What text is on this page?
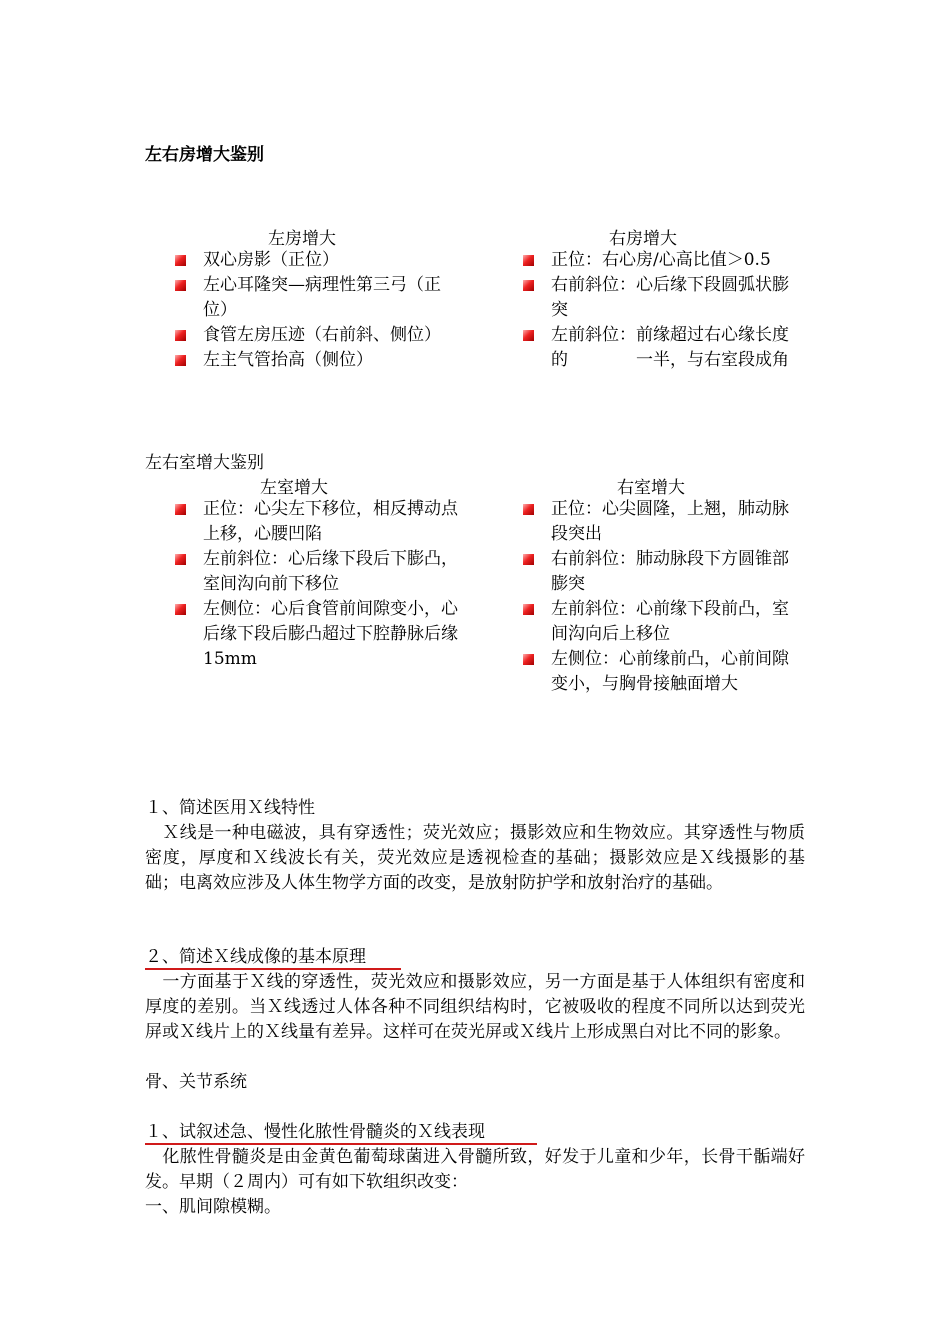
左右房增大鉴别
左房增大	右房增大
双心房影（正位）
左心耳隆突—病理性第三弓（正位）
食管左房压迹（右前斜、侧位）
左主气管抬高（侧位）
正位：右心房/心高比值＞0.5
右前斜位：心后缘下段圆弧状膨突
左前斜位：前缘超过右心缘长度的　　　　一半，与右室段成角
左右室增大鉴别
左室增大	右室增大
正位：心尖左下移位，相反搏动点上移，心腰凹陷
左前斜位：心后缘下段后下膨凸，室间沟向前下移位
左侧位：心后食管前间隙变小，心后缘下段后膨凸超过下腔静脉后缘15mm
正位：心尖圆隆，上翘，肺动脉段突出
右前斜位：肺动脉段下方圆锥部膨突
左前斜位：心前缘下段前凸，室间沟向后上移位
左侧位：心前缘前凸，心前间隙变小，与胸骨接触面增大
１、简述医用Ｘ线特性
　Ｘ线是一种电磁波，具有穿透性；荧光效应；摄影效应和生物效应。其穿透性与物质密度，厚度和Ｘ线波长有关，荧光效应是透视检查的基础；摄影效应是Ｘ线摄影的基础；电离效应涉及人体生物学方面的改变，是放射防护学和放射治疗的基础。
２、简述Ｘ线成像的基本原理
　一方面基于Ｘ线的穿透性，荧光效应和摄影效应，另一方面是基于人体组织有密度和厚度的差别。当Ｘ线透过人体各种不同组织结构时，它被吸收的程度不同所以达到荧光屏或Ｘ线片上的Ｘ线量有差异。这样可在荧光屏或Ｘ线片上形成黑白对比不同的影象。
骨、关节系统
１、试叙述急、慢性化脓性骨髓炎的Ｘ线表现
　化脓性骨髓炎是由金黄色葡萄球菌进入骨髓所致，好发于儿童和少年，长骨干骺端好发。早期（２周内）可有如下软组织改变：
一、肌间隙模糊。
